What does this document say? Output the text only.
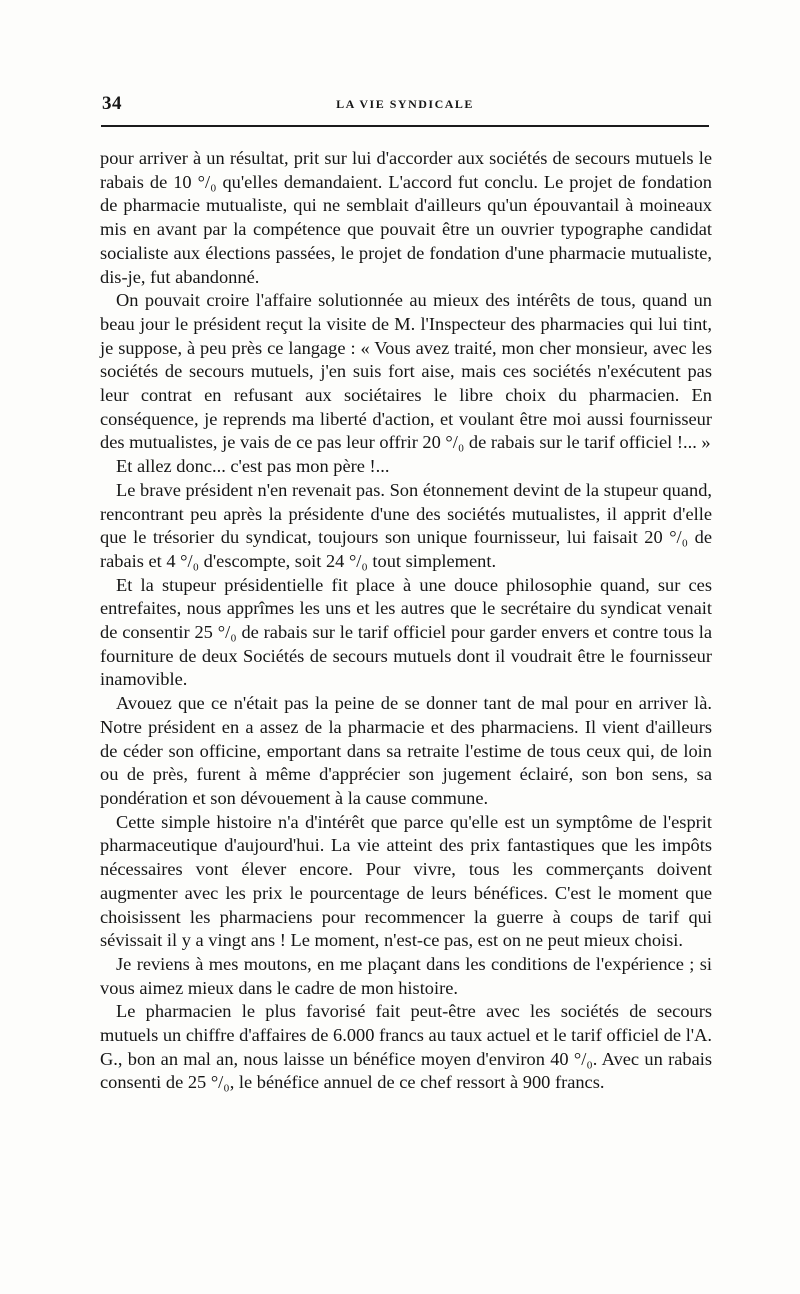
34	LA VIE SYNDICALE

pour arriver à un résultat, prit sur lui d'accorder aux sociétés de secours mutuels le rabais de 10 °/₀ qu'elles demandaient. L'accord fut conclu. Le projet de fondation de pharmacie mutualiste, qui ne semblait d'ailleurs qu'un épouvantail à moineaux mis en avant par la compétence que pouvait être un ouvrier typographe candidat socialiste aux élections passées, le projet de fondation d'une pharmacie mutualiste, dis-je, fut abandonné.

On pouvait croire l'affaire solutionnée au mieux des intérêts de tous, quand un beau jour le président reçut la visite de M. l'Inspecteur des pharmacies qui lui tint, je suppose, à peu près ce langage : « Vous avez traité, mon cher monsieur, avec les sociétés de secours mutuels, j'en suis fort aise, mais ces sociétés n'exécutent pas leur contrat en refusant aux sociétaires le libre choix du pharmacien. En conséquence, je reprends ma liberté d'action, et voulant être moi aussi fournisseur des mutualistes, je vais de ce pas leur offrir 20 °/₀ de rabais sur le tarif officiel !... »

Et allez donc... c'est pas mon père !...

Le brave président n'en revenait pas. Son étonnement devint de la stupeur quand, rencontrant peu après la présidente d'une des sociétés mutualistes, il apprit d'elle que le trésorier du syndicat, toujours son unique fournisseur, lui faisait 20 °/₀ de rabais et 4 °/₀ d'escompte, soit 24 °/₀ tout simplement.

Et la stupeur présidentielle fit place à une douce philosophie quand, sur ces entrefaites, nous apprîmes les uns et les autres que le secrétaire du syndicat venait de consentir 25 °/₀ de rabais sur le tarif officiel pour garder envers et contre tous la fourniture de deux Sociétés de secours mutuels dont il voudrait être le fournisseur inamovible.

Avouez que ce n'était pas la peine de se donner tant de mal pour en arriver là. Notre président en a assez de la pharmacie et des pharmaciens. Il vient d'ailleurs de céder son officine, emportant dans sa retraite l'estime de tous ceux qui, de loin ou de près, furent à même d'apprécier son jugement éclairé, son bon sens, sa pondération et son dévouement à la cause commune.

Cette simple histoire n'a d'intérêt que parce qu'elle est un symptôme de l'esprit pharmaceutique d'aujourd'hui. La vie atteint des prix fantastiques que les impôts nécessaires vont élever encore. Pour vivre, tous les commerçants doivent augmenter avec les prix le pourcentage de leurs bénéfices. C'est le moment que choisissent les pharmaciens pour recommencer la guerre à coups de tarif qui sévissait il y a vingt ans ! Le moment, n'est-ce pas, est on ne peut mieux choisi.

Je reviens à mes moutons, en me plaçant dans les conditions de l'expérience ; si vous aimez mieux dans le cadre de mon histoire.

Le pharmacien le plus favorisé fait peut-être avec les sociétés de secours mutuels un chiffre d'affaires de 6.000 francs au taux actuel et le tarif officiel de l'A. G., bon an mal an, nous laisse un bénéfice moyen d'environ 40 °/₀. Avec un rabais consenti de 25 °/₀, le bénéfice annuel de ce chef ressort à 900 francs.
